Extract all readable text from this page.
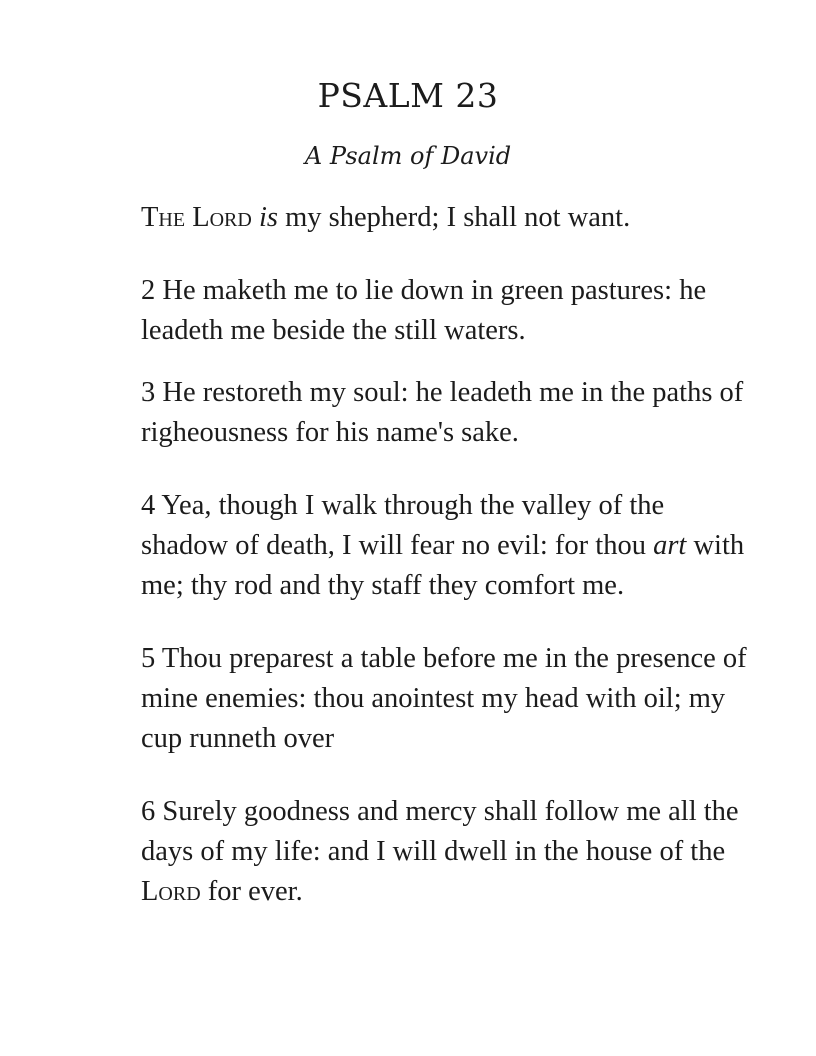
PSALM 23

A Psalm of David

The Lord is my shepherd; I shall not want.

2 He maketh me to lie down in green pastures: he leadeth me beside the still waters.

3 He restoreth my soul: he leadeth me in the paths of righeousness for his name's sake.

4 Yea, though I walk through the valley of the shadow of death, I will fear no evil: for thou art with me; thy rod and thy staff they comfort me.

5 Thou preparest a table before me in the presence of mine enemies: thou anointest my head with oil; my cup runneth over

6 Surely goodness and mercy shall follow me all the days of my life: and I will dwell in the house of the Lord for ever.
